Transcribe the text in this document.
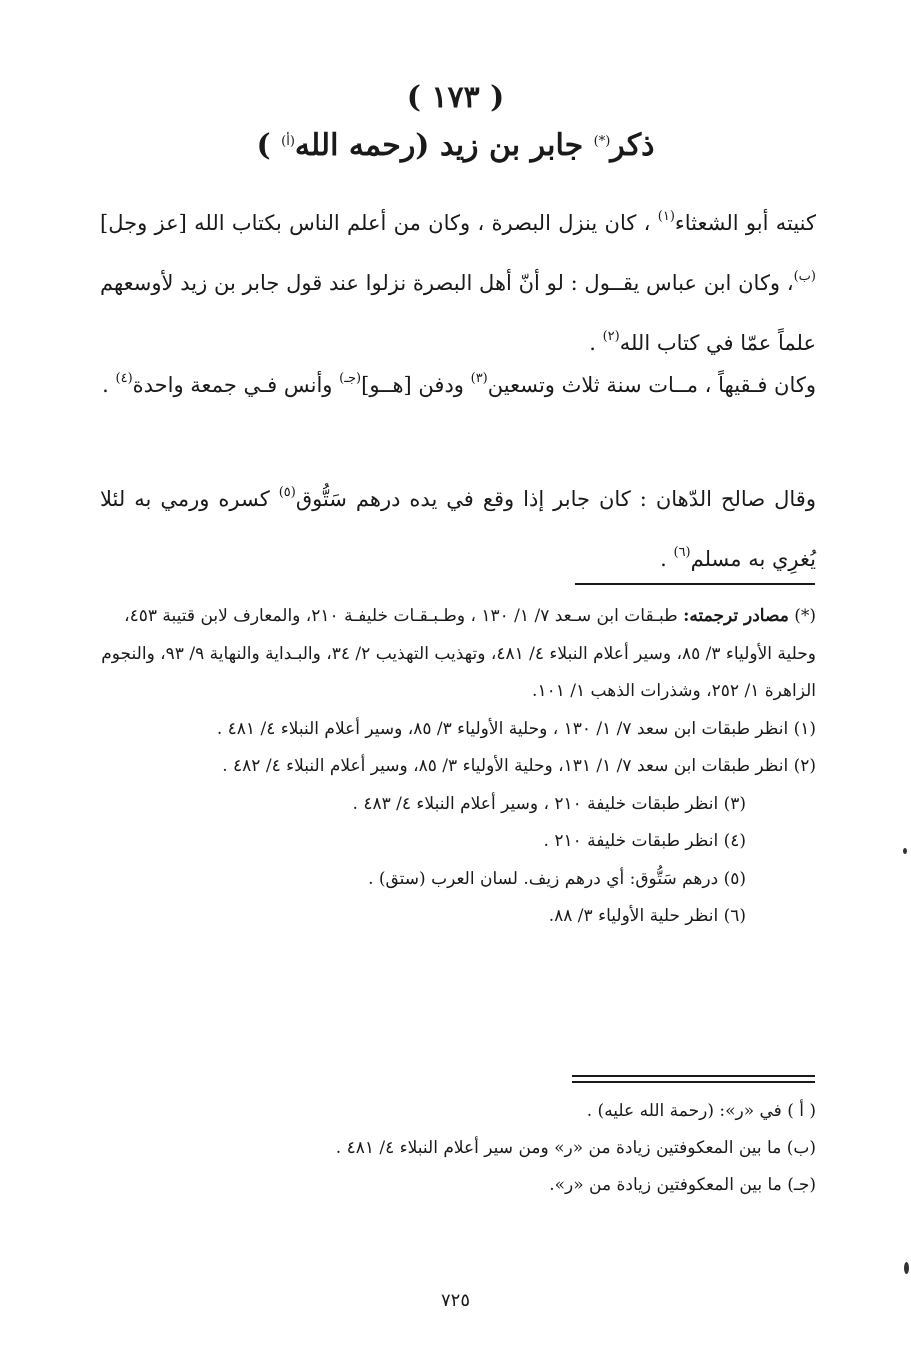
( ١٧٣ )
ذكر(*) جابر بن زيد (رحمه الله$^{(أ)}$ )
كنيته أبو الشعثاء$^{(١)}$ ، كان ينزل البصرة ، وكان من أعلم الناس بكتاب الله [عز وجل]$^{(ب)}$، وكان ابن عباس يقــول : لو أنّ أهل البصرة نزلوا عند قول جابر بن زيد لأوسعهم علماً عمّا في كتاب الله$^{(٢)}$ .
وكان فـقيهاً ، مــات سنة ثلاث وتسعين$^{(٣)}$ ودفن [هــو]$^{(جـ)}$ وأنس فـي جمعة واحدة$^{(٤)}$ .
وقال صالح الدّهان : كان جابر إذا وقع في يده درهم سَتُّوق$^{(٥)}$ كسره ورمي به لئلا يُغرِي به مسلم$^{(٦)}$ .
(*) مصادر ترجمته: طبـقات ابن سـعد ٧/ ١/ ١٣٠ ، وطـبـقـات خليفـة ٢١٠، والمعارف لابن قتيبة ٤٥٣، وحلية الأولياء ٣/ ٨٥، وسير أعلام النبلاء ٤/ ٤٨١، وتهذيب التهذيب ٢/ ٣٤، والبـداية والنهاية ٩/ ٩٣، والنجوم الزاهرة ١/ ٢٥٢، وشذرات الذهب ١/ ١٠١.
(١) انظر طبقات ابن سعد ٧/ ١/ ١٣٠ ، وحلية الأولياء ٣/ ٨٥، وسير أعلام النبلاء ٤/ ٤٨١ .
(٢) انظر طبقات ابن سعد ٧/ ١/ ١٣١، وحلية الأولياء ٣/ ٨٥، وسير أعلام النبلاء ٤/ ٤٨٢ .
(٣) انظر طبقات خليفة ٢١٠ ، وسير أعلام النبلاء ٤/ ٤٨٣ .
(٤) انظر طبقات خليفة ٢١٠ .
(٥) درهم سَتُّوق: أي درهم زيف. لسان العرب (ستق) .
(٦) انظر حلية الأولياء ٣/ ٨٨.
( أ ) في «ر»: (رحمة الله عليه) .
(ب) ما بين المعكوفتين زيادة من «ر» ومن سير أعلام النبلاء ٤/ ٤٨١ .
(جـ) ما بين المعكوفتين زيادة من «ر».
٧٢٥
